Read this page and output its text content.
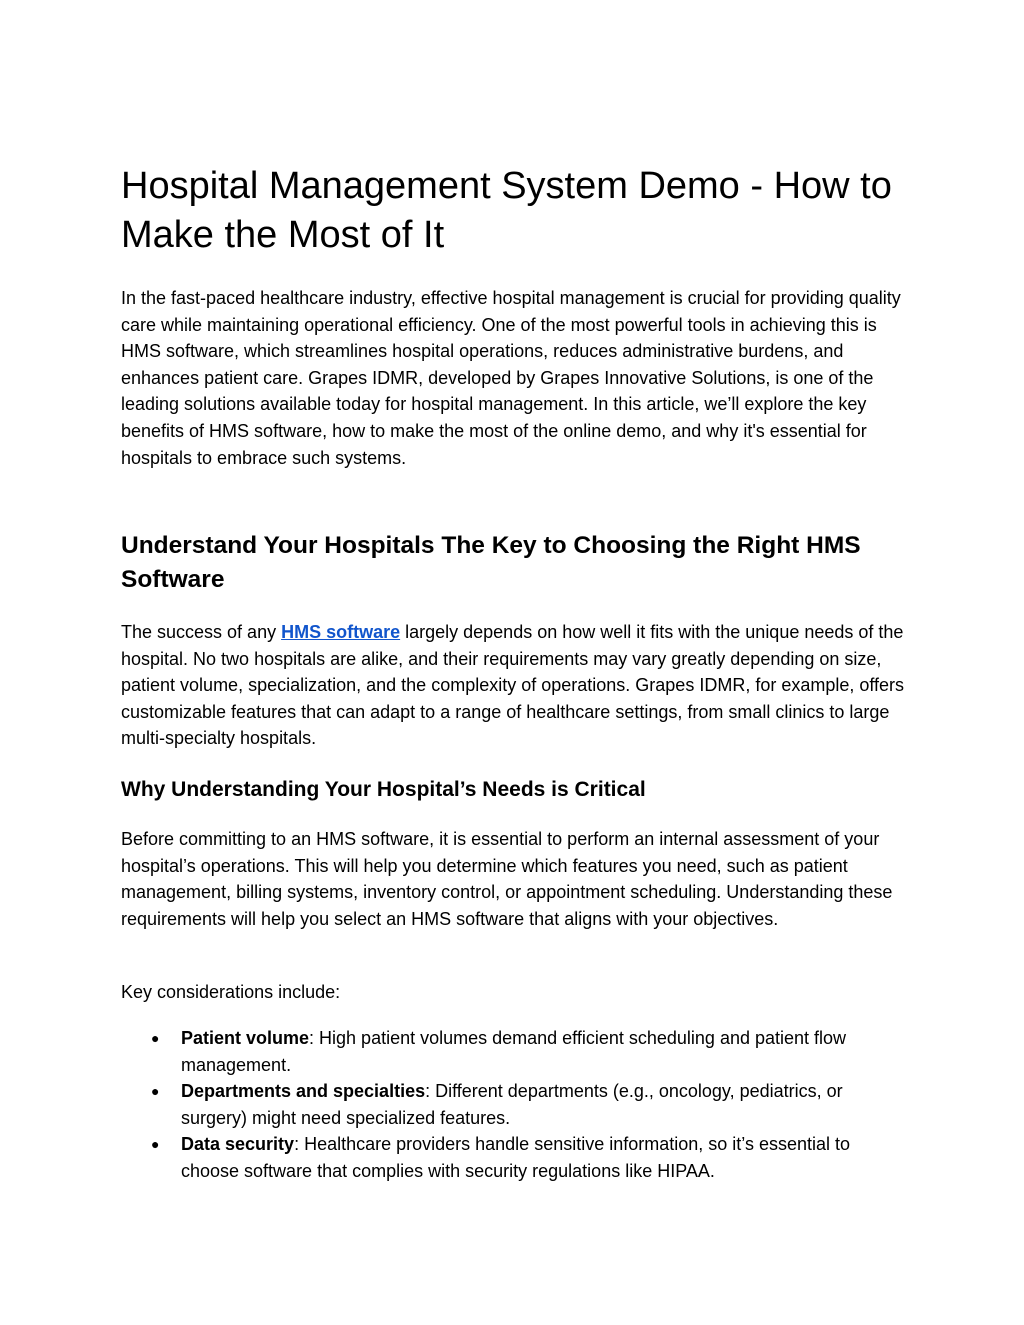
Hospital Management System Demo - How to Make the Most of It

In the fast-paced healthcare industry, effective hospital management is crucial for providing quality care while maintaining operational efficiency. One of the most powerful tools in achieving this is HMS software, which streamlines hospital operations, reduces administrative burdens, and enhances patient care. Grapes IDMR, developed by Grapes Innovative Solutions, is one of the leading solutions available today for hospital management. In this article, we’ll explore the key benefits of HMS software, how to make the most of the online demo, and why it's essential for hospitals to embrace such systems.

Understand Your Hospitals The Key to Choosing the Right HMS Software

The success of any HMS software largely depends on how well it fits with the unique needs of the hospital. No two hospitals are alike, and their requirements may vary greatly depending on size, patient volume, specialization, and the complexity of operations. Grapes IDMR, for example, offers customizable features that can adapt to a range of healthcare settings, from small clinics to large multi-specialty hospitals.

Why Understanding Your Hospital’s Needs is Critical

Before committing to an HMS software, it is essential to perform an internal assessment of your hospital’s operations. This will help you determine which features you need, such as patient management, billing systems, inventory control, or appointment scheduling. Understanding these requirements will help you select an HMS software that aligns with your objectives.

Key considerations include:

● Patient volume: High patient volumes demand efficient scheduling and patient flow management.
● Departments and specialties: Different departments (e.g., oncology, pediatrics, or surgery) might need specialized features.
● Data security: Healthcare providers handle sensitive information, so it’s essential to choose software that complies with security regulations like HIPAA.
